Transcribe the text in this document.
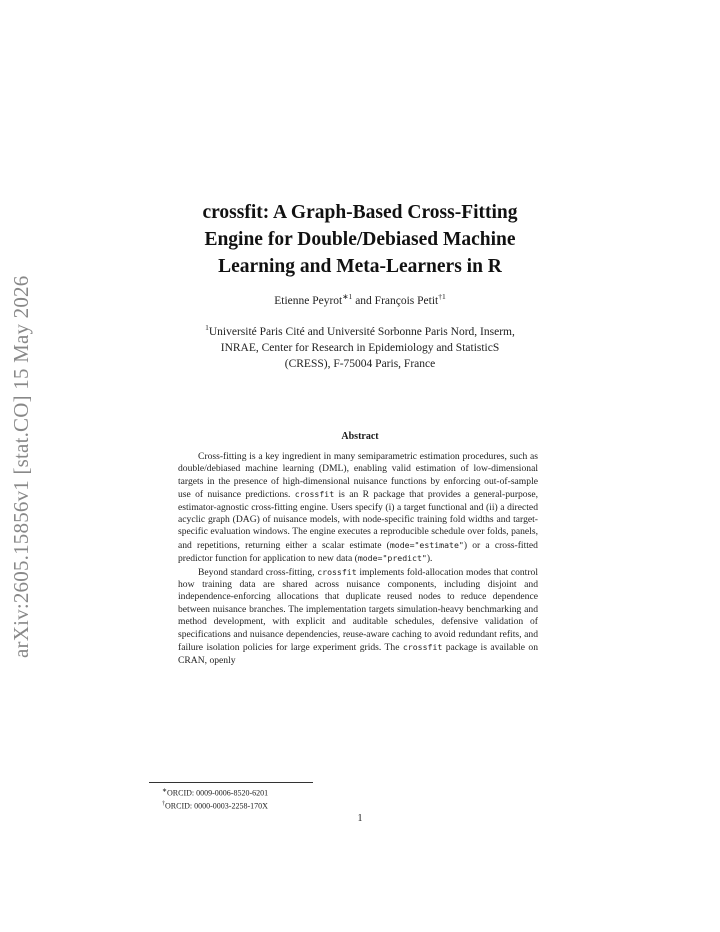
arXiv:2605.15856v1 [stat.CO] 15 May 2026
crossfit: A Graph-Based Cross-Fitting
Engine for Double/Debiased Machine
Learning and Meta-Learners in R
Etienne Peyrot$^{∗1}$ and François Petit$^{\dagger 1}$
$^1$Université Paris Cité and Université Sorbonne Paris Nord, Inserm,
INRAE, Center for Research in Epidemiology and StatisticS
(CRESS), F-75004 Paris, France
Abstract

Cross-fitting is a key ingredient in many semiparametric estimation procedures, such as double/debiased machine learning (DML), enabling valid estimation of low-dimensional targets in the presence of high-dimensional nuisance functions by enforcing out-of-sample use of nuisance predictions. crossfit is an R package that provides a general-purpose, estimator-agnostic cross-fitting engine. Users specify (i) a target functional and (ii) a directed acyclic graph (DAG) of nuisance models, with node-specific training fold widths and target-specific evaluation windows. The engine executes a reproducible schedule over folds, panels, and repetitions, returning either a scalar estimate (mode="estimate") or a cross-fitted predictor function for application to new data (mode="predict").

Beyond standard cross-fitting, crossfit implements fold-allocation modes that control how training data are shared across nuisance components, including disjoint and independence-enforcing allocations that duplicate reused nodes to reduce dependence between nuisance branches. The implementation targets simulation-heavy benchmarking and method development, with explicit and auditable schedules, defensive validation of specifications and nuisance dependencies, reuse-aware caching to avoid redundant refits, and failure isolation policies for large experiment grids. The crossfit package is available on CRAN, openly

∗ORCID: 0009-0006-8520-6201
†ORCID: 0000-0003-2258-170X
1
